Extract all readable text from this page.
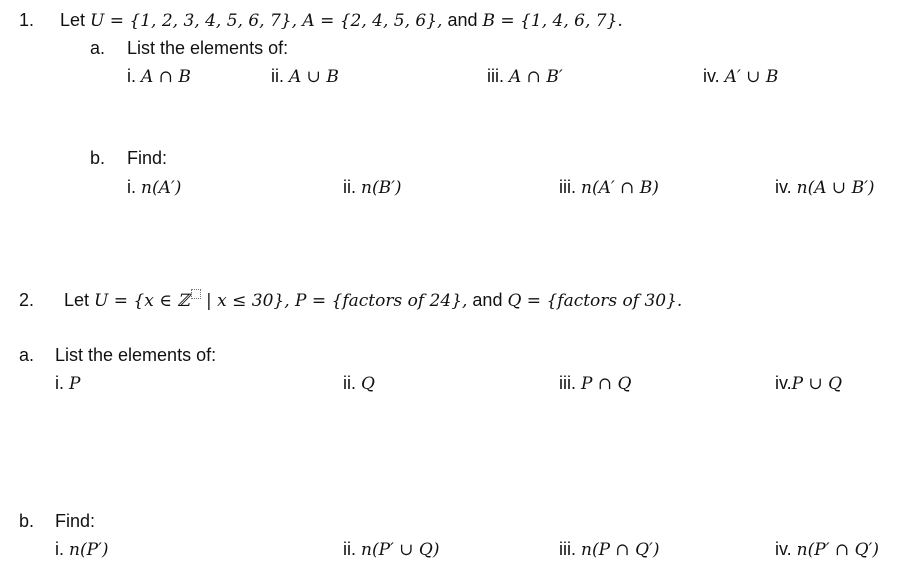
1. Let U = {1, 2, 3, 4, 5, 6, 7}, A = {2, 4, 5, 6}, and B = {1, 4, 6, 7}.
a. List the elements of:
i. A ∩ B	ii. A ∪ B	iii. A ∩ B′	iv. A′ ∪ B
b. Find:
i. n(A′)	ii. n(B′)	iii. n(A′ ∩ B)	iv. n(A ∪ B′)
2. Let U = {x ∈ ℤ | x ≤ 30}, P = {factors of 24}, and Q = {factors of 30}.
a. List the elements of:
i. P	ii. Q	iii. P ∩ Q	iv.P ∪ Q
b. Find:
i. n(P′)	ii. n(P′ ∪ Q)	iii. n(P ∩ Q′)	iv. n(P′ ∩ Q′)
